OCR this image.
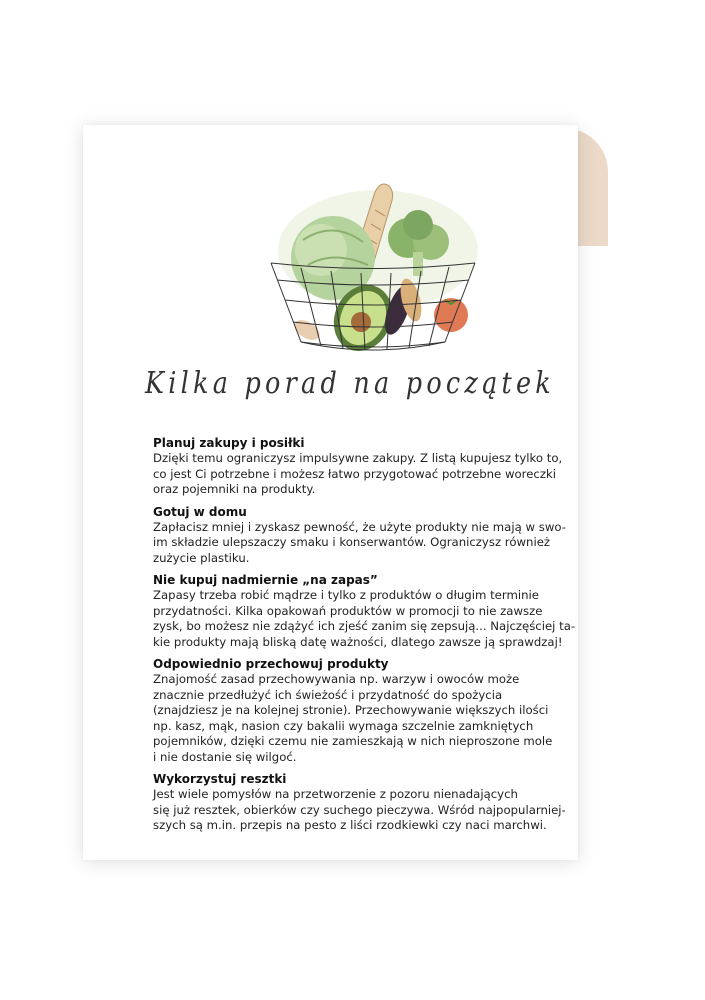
Kilka porad na początek
Planuj zakupy i posiłki
Dzięki temu ograniczysz impulsywne zakupy. Z listą kupujesz tylko to,
co jest Ci potrzebne i możesz łatwo przygotować potrzebne woreczki
oraz pojemniki na produkty.
Gotuj w domu
Zapłacisz mniej i zyskasz pewność, że użyte produkty nie mają w swo-
im składzie ulepszaczy smaku i konserwantów. Ograniczysz również
zużycie plastiku.
Nie kupuj nadmiernie „na zapas”
Zapasy trzeba robić mądrze i tylko z produktów o długim terminie
przydatności. Kilka opakowań produktów w promocji to nie zawsze
zysk, bo możesz nie zdążyć ich zjeść zanim się zepsują... Najczęściej ta-
kie produkty mają bliską datę ważności, dlatego zawsze ją sprawdzaj!
Odpowiednio przechowuj produkty
Znajomość zasad przechowywania np. warzyw i owoców może
znacznie przedłużyć ich świeżość i przydatność do spożycia
(znajdziesz je na kolejnej stronie). Przechowywanie większych ilości
np. kasz, mąk, nasion czy bakalii wymaga szczelnie zamkniętych
pojemników, dzięki czemu nie zamieszkają w nich nieproszone mole
i nie dostanie się wilgoć.
Wykorzystuj resztki
Jest wiele pomysłów na przetworzenie z pozoru nienadających
się już resztek, obierków czy suchego pieczywa. Wśród najpopularniej-
szych są m.in. przepis na pesto z liści rzodkiewki czy naci marchwi.
